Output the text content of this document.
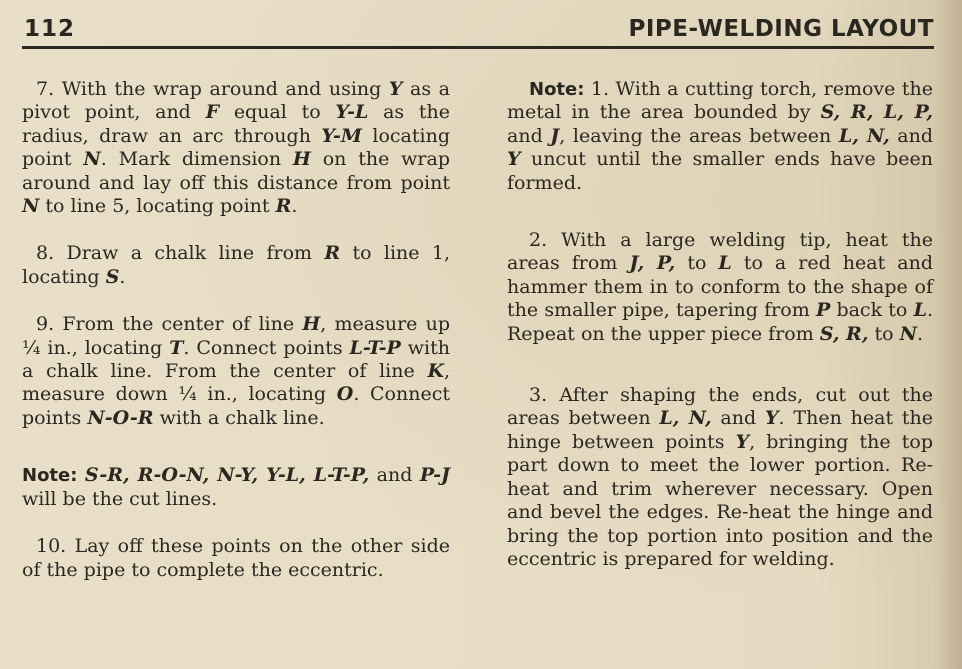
112	PIPE-WELDING LAYOUT

7. With the wrap around and using Y as a pivot point, and F equal to Y-L as the radius, draw an arc through Y-M locating point N. Mark dimension H on the wrap around and lay off this distance from point N to line 5, locating point R.

8. Draw a chalk line from R to line 1, locating S.

9. From the center of line H, measure up ¼ in., locating T. Connect points L-T-P with a chalk line. From the center of line K, measure down ¼ in., locating O. Connect points N-O-R with a chalk line.

Note: S-R, R-O-N, N-Y, Y-L, L-T-P, and P-J will be the cut lines.

10. Lay off these points on the other side of the pipe to complete the eccentric.

Note: 1. With a cutting torch, remove the metal in the area bounded by S, R, L, P, and J, leaving the areas between L, N, and Y uncut until the smaller ends have been formed.

2. With a large welding tip, heat the areas from J, P, to L to a red heat and hammer them in to conform to the shape of the smaller pipe, tapering from P back to L. Repeat on the upper piece from S, R, to N.

3. After shaping the ends, cut out the areas between L, N, and Y. Then heat the hinge between points Y, bringing the top part down to meet the lower portion. Re-heat and trim wherever necessary. Open and bevel the edges. Re-heat the hinge and bring the top portion into position and the eccentric is prepared for welding.
